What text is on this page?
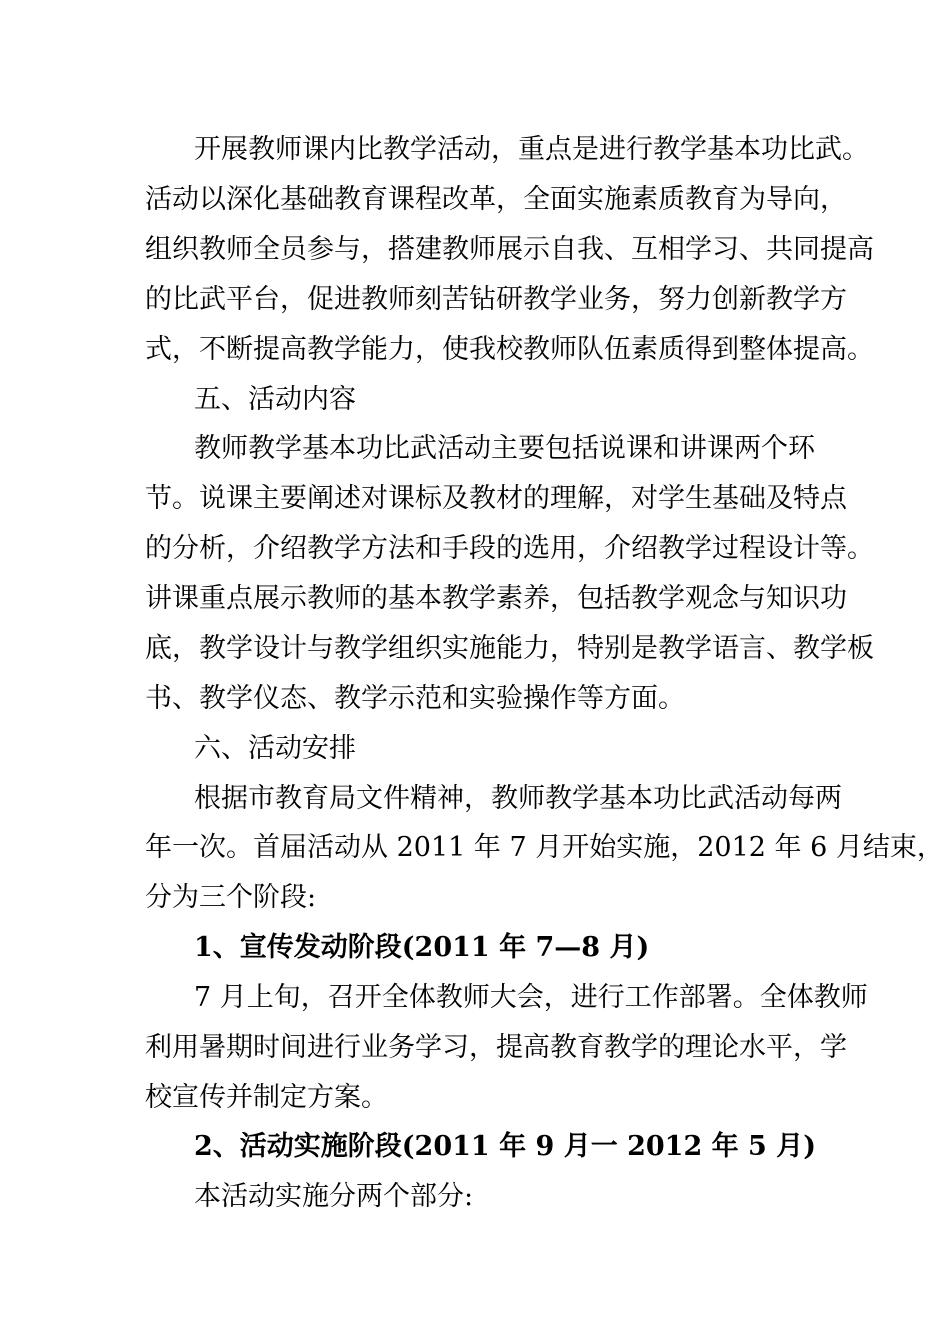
开展教师课内比教学活动，重点是进行教学基本功比武。
活动以深化基础教育课程改革，全面实施素质教育为导向，
组织教师全员参与，搭建教师展示自我、互相学习、共同提高
的比武平台，促进教师刻苦钻研教学业务，努力创新教学方
式，不断提高教学能力，使我校教师队伍素质得到整体提高。
五、活动内容
教师教学基本功比武活动主要包括说课和讲课两个环
节。说课主要阐述对课标及教材的理解，对学生基础及特点
的分析，介绍教学方法和手段的选用，介绍教学过程设计等。
讲课重点展示教师的基本教学素养，包括教学观念与知识功
底，教学设计与教学组织实施能力，特别是教学语言、教学板
书、教学仪态、教学示范和实验操作等方面。
六、活动安排
根据市教育局文件精神，教师教学基本功比武活动每两
年一次。首届活动从 2011 年 7 月开始实施，2012 年 6 月结束，
分为三个阶段:
1、宣传发动阶段(2011 年 7—8 月)
7 月上旬，召开全体教师大会，进行工作部署。全体教师
利用暑期时间进行业务学习，提高教育教学的理论水平，学
校宣传并制定方案。
2、活动实施阶段(2011 年 9 月一 2012 年 5 月)
本活动实施分两个部分:
